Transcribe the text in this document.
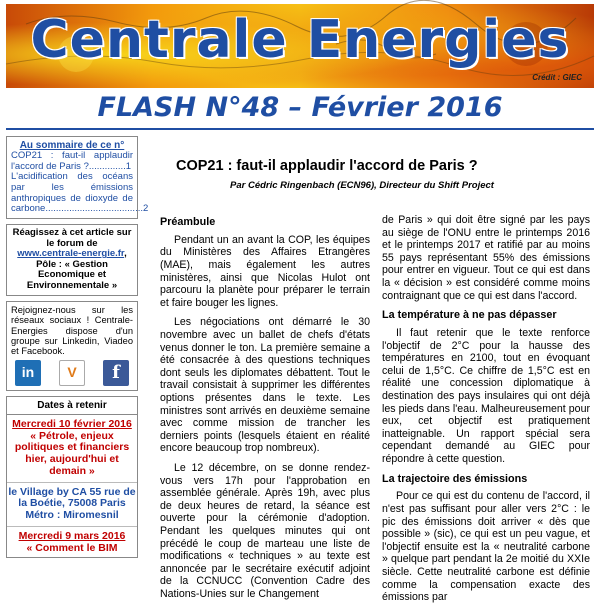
Centrale Energies
Crédit : GIEC
FLASH N°48 – Février 2016
Au sommaire de ce n°
COP21 : faut-il applaudir l'accord de Paris ?..............1
L'acidification des océans par les émissions anthropiques de dioxyde de carbone.....................................2
Réagissez à cet article sur le forum de
www.centrale-energie.fr, Pôle : « Gestion Economique et Environnementale »
Rejoignez-nous sur les réseaux sociaux ! Centrale-Energies dispose d'un groupe sur Linkedin, Viadeo et Facebook.
in	V	f
Dates à retenir
Mercredi 10 février 2016
« Pétrole, enjeux politiques et financiers hier, aujourd'hui et demain »
le Village by CA 55 rue de la Boétie, 75008 Paris Métro : Miromesnil
Mercredi 9 mars 2016
« Comment le BIM
COP21 : faut-il applaudir l'accord de Paris ?
Par Cédric Ringenbach (ECN96), Directeur du Shift Project
Préambule

Pendant un an avant la COP, les équipes du Ministères des Affaires Etrangères (MAE), mais également les autres ministères, ainsi que Nicolas Hulot ont parcouru la planète pour préparer le terrain et faire bouger les lignes.

Les négociations ont démarré le 30 novembre avec un ballet de chefs d'états venus donner le ton. La première semaine a été consacrée à des questions techniques dont seuls les diplomates débattent. Tout le travail consistait à supprimer les différentes options présentes dans le texte. Les ministres sont arrivés en deuxième semaine avec comme mission de trancher les derniers points (lesquels étaient en réalité encore beaucoup trop nombreux).

Le 12 décembre, on se donne rendez-vous vers 17h pour l'approbation en assemblée générale. Après 19h, avec plus de deux heures de retard, la séance est ouverte pour la cérémonie d'adoption. Pendant les quelques minutes qui ont précédé le coup de marteau une liste de modifications « techniques » au texte est annoncée par le secrétaire exécutif adjoint de la CCNUCC (Convention Cadre des Nations-Unies sur le Changement

de Paris » qui doit être signé par les pays au siège de l'ONU entre le printemps 2016 et le printemps 2017 et ratifié par au moins 55 pays représentant 55% des émissions pour entrer en vigueur. Tout ce qui est dans la « décision » est considéré comme moins contraignant que ce qui est dans l'accord.

La température à ne pas dépasser

Il faut retenir que le texte renforce l'objectif de 2°C pour la hausse des températures en 2100, tout en évoquant celui de 1,5°C. Ce chiffre de 1,5°C est en réalité une concession diplomatique à destination des pays insulaires qui ont déjà les pieds dans l'eau. Malheureusement pour eux, cet objectif est pratiquement inatteignable. Un rapport spécial sera cependant demandé au GIEC pour répondre à cette question.

La trajectoire des émissions

Pour ce qui est du contenu de l'accord, il n'est pas suffisant pour aller vers 2°C : le pic des émissions doit arriver « dès que possible » (sic), ce qui est un peu vague, et l'objectif ensuite est la « neutralité carbone » quelque part pendant la 2e moitié du XXIe siècle. Cette neutralité carbone est définie comme la compensation exacte des émissions par
